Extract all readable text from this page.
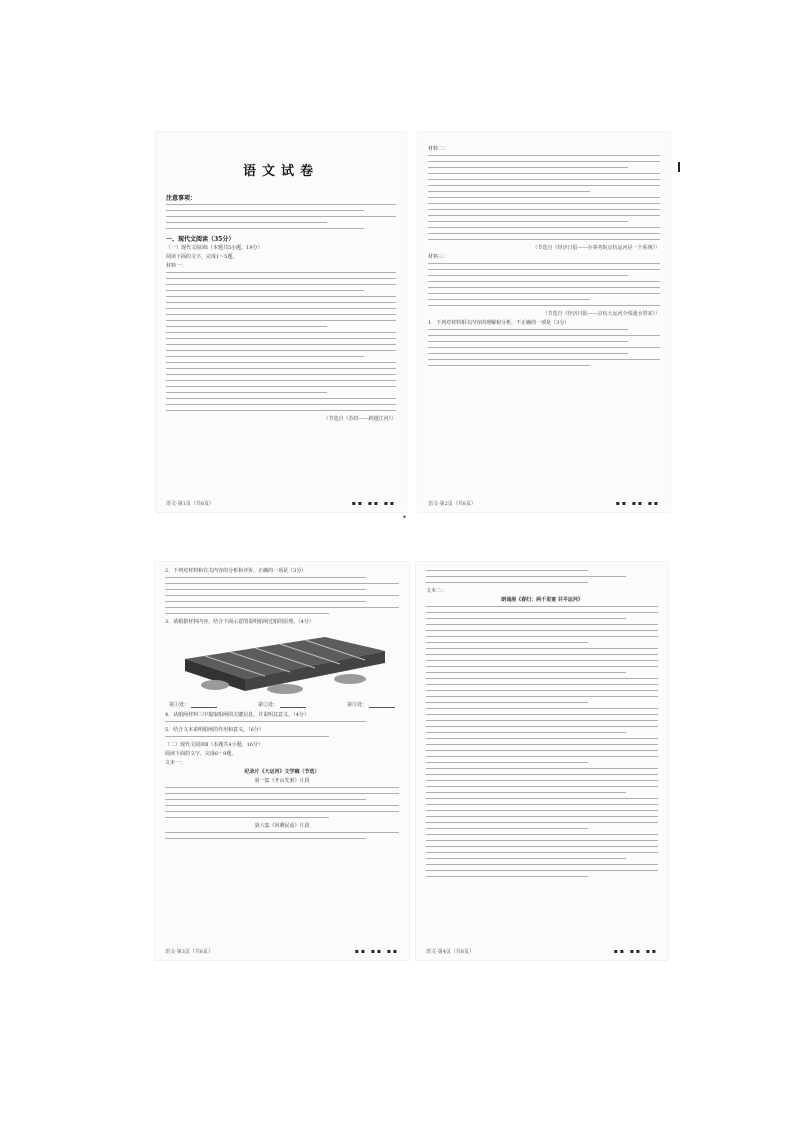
语文试卷
注意事项：
一、现代文阅读（35分）
（一）现代文阅读Ⅰ（本题共5小题，19分）
阅读下面的文字，完成1～5题。
材料一：
（节选自《苏轼——跨越江河》）
语文·第1页（共8页）	▪▪ ▪▪ ▪▪
材料二：
（节选自《经济日报——办事务院京杭运河是一个系统》）
材料三：
（节选自《经济日报——京杭大运河全线通水带来》）
1．下列对材料相关内容的理解和分析，不正确的一项是（3分）
语文·第2页（共8页）	▪▪ ▪▪ ▪▪
2．下列对材料和有关内容的分析和评价，正确的一项是（3分）
3．请根据材料内容，结合下面示意图说明船闸过船的原理。（4分）
第①处：	第②处：	第③处：
4．从船闸材料三中提取船闸的关键信息，并说明其意义。（4分）
5．结合文本说明船闸的作用和意义。（6分）
（二）现代文阅读Ⅱ（本题共4小题，16分）
阅读下面的文字，完成6～9题。
文本一：
纪录片《大运河》文学稿（节选）
第一集《开山先驱》片段
第六集《回溯民谣》片段
语文·第3页（共8页）	▪▪ ▪▪ ▪▪
文本二：
朗诵展《春归：两千里宴 共平运河》
语文·第4页（共8页）	▪▪ ▪▪ ▪▪
✦
